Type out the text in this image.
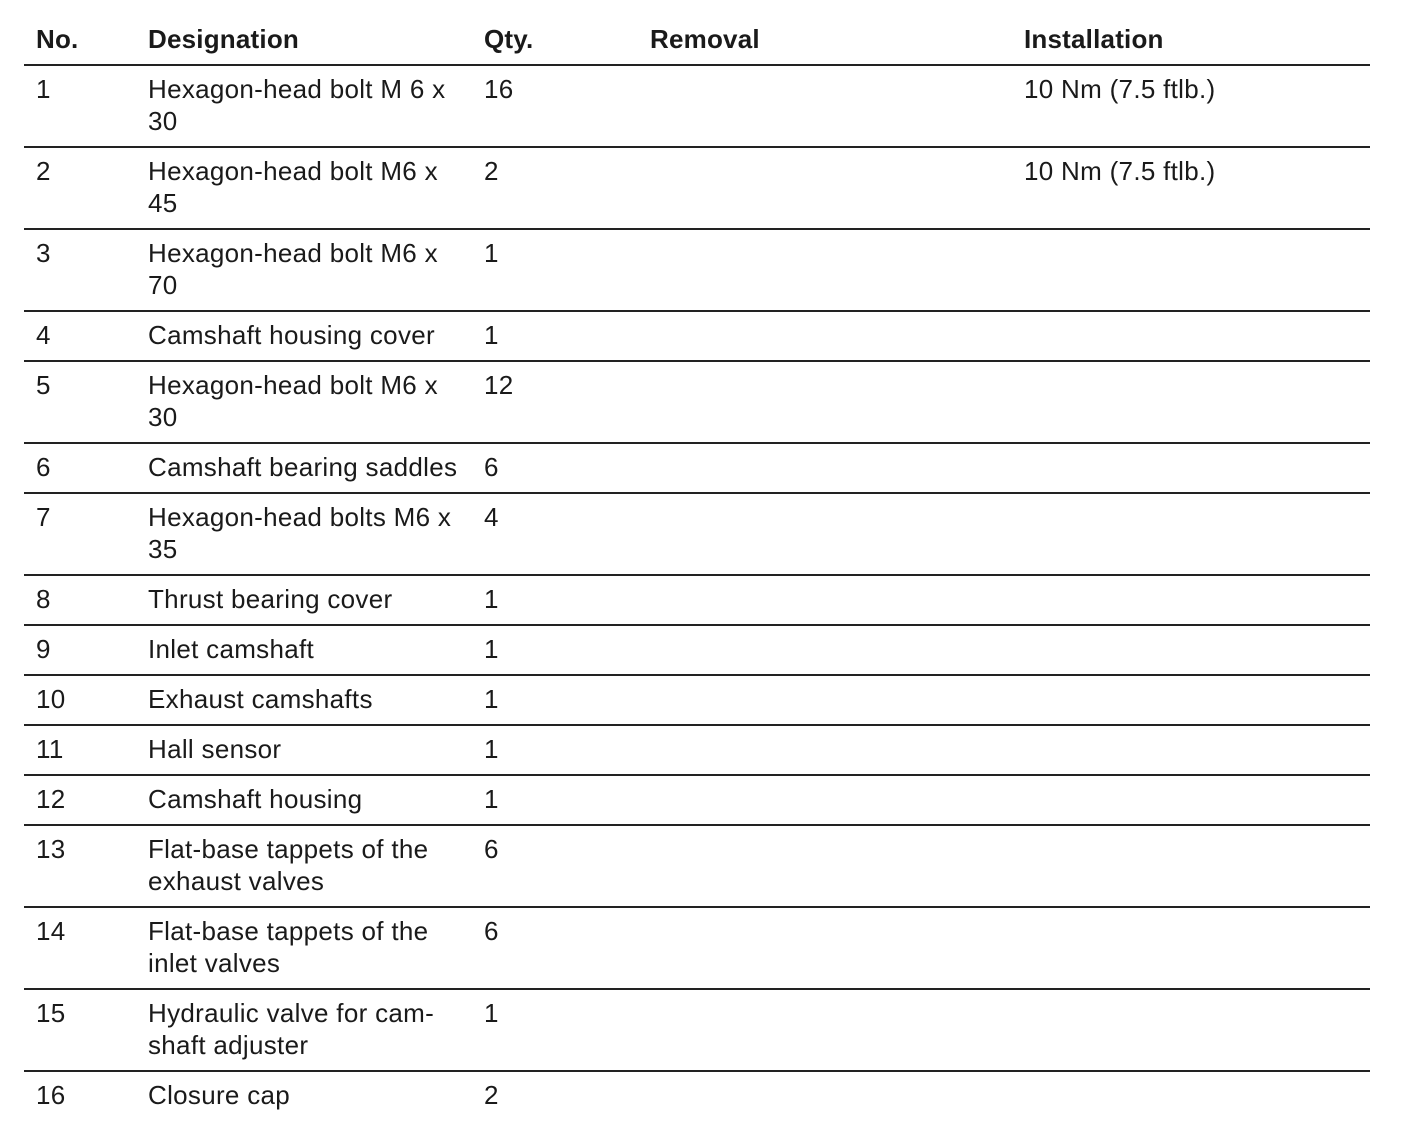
No.	Designation	Qty.	Removal	Installation
1	Hexagon-head bolt M 6 x 30	16		10 Nm (7.5 ftlb.)
2	Hexagon-head bolt M6 x 45	2		10 Nm (7.5 ftlb.)
3	Hexagon-head bolt M6 x 70	1		
4	Camshaft housing cover	1		
5	Hexagon-head bolt M6 x 30	12		
6	Camshaft bearing saddles	6		
7	Hexagon-head bolts M6 x 35	4		
8	Thrust bearing cover	1		
9	Inlet camshaft	1		
10	Exhaust camshafts	1		
11	Hall sensor	1		
12	Camshaft housing	1		
13	Flat-base tappets of the exhaust valves	6		
14	Flat-base tappets of the inlet valves	6		
15	Hydraulic valve for cam-shaft adjuster	1		
16	Closure cap	2		
